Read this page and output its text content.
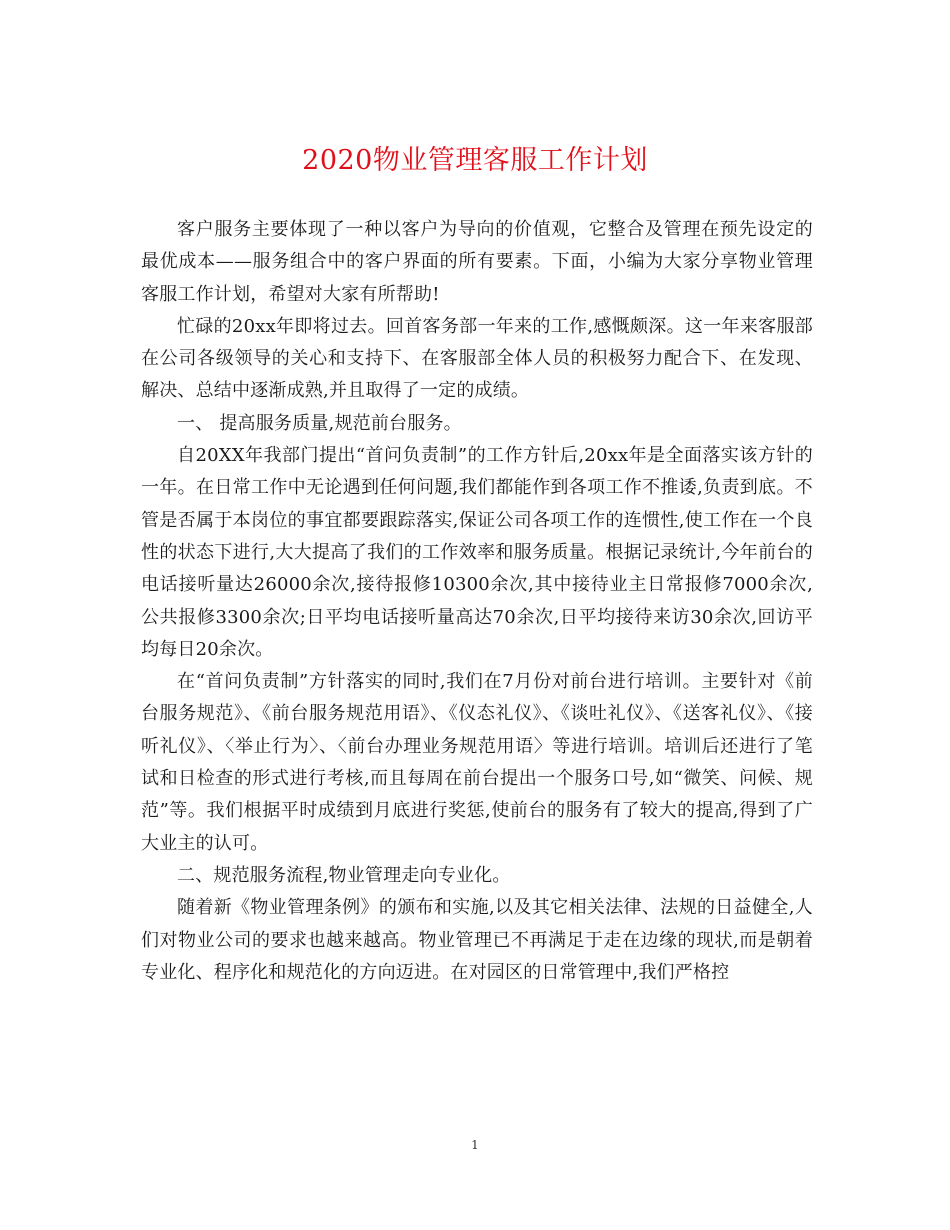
2020物业管理客服工作计划

客户服务主要体现了一种以客户为导向的价值观，它整合及管理在预先设定的最优成本——服务组合中的客户界面的所有要素。下面，小编为大家分享物业管理客服工作计划，希望对大家有所帮助!

忙碌的20xx年即将过去。回首客务部一年来的工作,感慨颇深。这一年来客服部在公司各级领导的关心和支持下、在客服部全体人员的积极努力配合下、在发现、解决、总结中逐渐成熟,并且取得了一定的成绩。

一、 提高服务质量,规范前台服务。

自20XX年我部门提出“首问负责制”的工作方针后,20xx年是全面落实该方针的一年。在日常工作中无论遇到任何问题,我们都能作到各项工作不推诿,负责到底。不管是否属于本岗位的事宜都要跟踪落实,保证公司各项工作的连惯性,使工作在一个良性的状态下进行,大大提高了我们的工作效率和服务质量。根据记录统计,今年前台的电话接听量达26000余次,接待报修10300余次,其中接待业主日常报修7000余次,公共报修3300余次;日平均电话接听量高达70余次,日平均接待来访30余次,回访平均每日20余次。

在“首问负责制”方针落实的同时,我们在7月份对前台进行培训。主要针对《前台服务规范》、《前台服务规范用语》、《仪态礼仪》、《谈吐礼仪》、《送客礼仪》、《接听礼仪》、〈举止行为〉、〈前台办理业务规范用语〉等进行培训。培训后还进行了笔试和日检查的形式进行考核,而且每周在前台提出一个服务口号,如“微笑、问候、规范”等。我们根据平时成绩到月底进行奖惩,使前台的服务有了较大的提高,得到了广大业主的认可。

二、规范服务流程,物业管理走向专业化。

随着新《物业管理条例》的颁布和实施,以及其它相关法律、法规的日益健全,人们对物业公司的要求也越来越高。物业管理已不再满足于走在边缘的现状,而是朝着专业化、程序化和规范化的方向迈进。在对园区的日常管理中,我们严格控

1
